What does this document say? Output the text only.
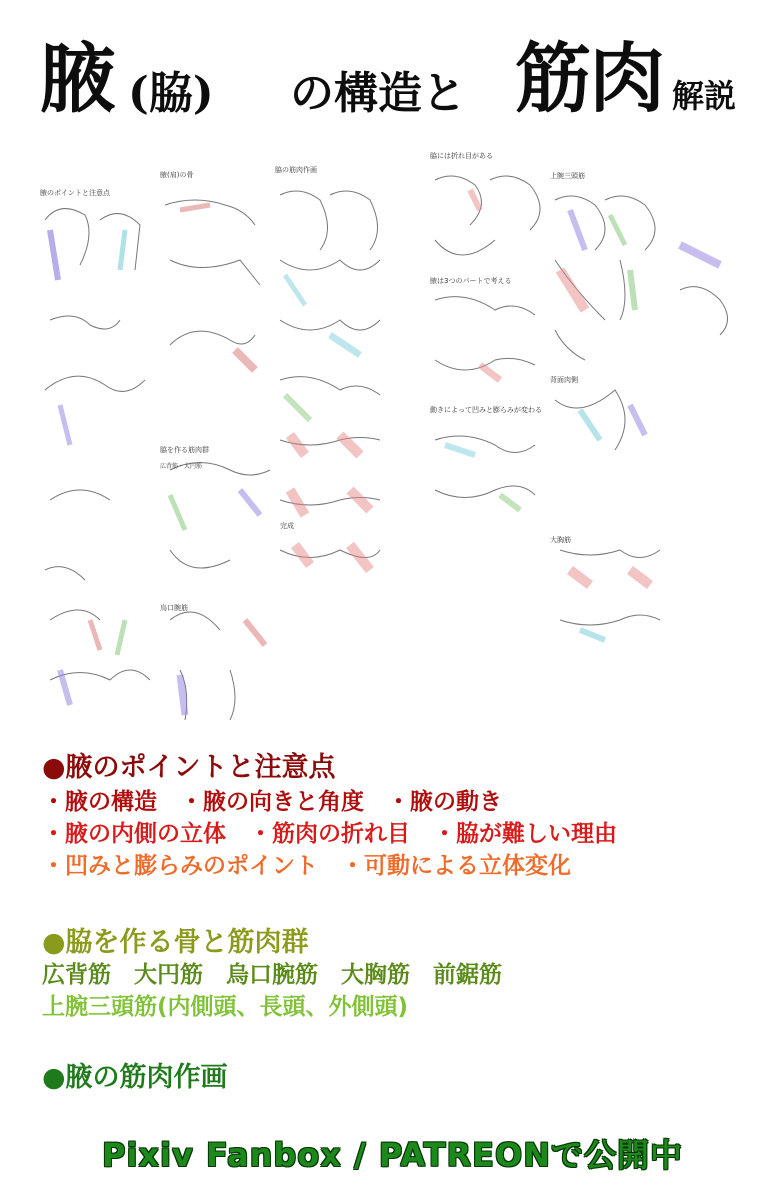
腋 (脇) の構造と 筋肉 解説
腋のポイントと注意点
腋(肩)の骨
脇を作る筋肉群
広背筋・大円筋
烏口腕筋
脇の筋肉作画
完成
脇には折れ目がある
腋は3つのパートで考える
動きによって凹みと膨らみが変わる
上腕三頭筋
背面肉側
大胸筋
●腋のポイントと注意点
・腋の構造　・腋の向きと角度　・腋の動き
・腋の内側の立体　・筋肉の折れ目　・脇が難しい理由
・凹みと膨らみのポイント　・可動による立体変化
●脇を作る骨と筋肉群
広背筋　大円筋　烏口腕筋　大胸筋　前鋸筋
上腕三頭筋(内側頭、長頭、外側頭)
●腋の筋肉作画
Pixiv Fanbox / PATREONで公開中
